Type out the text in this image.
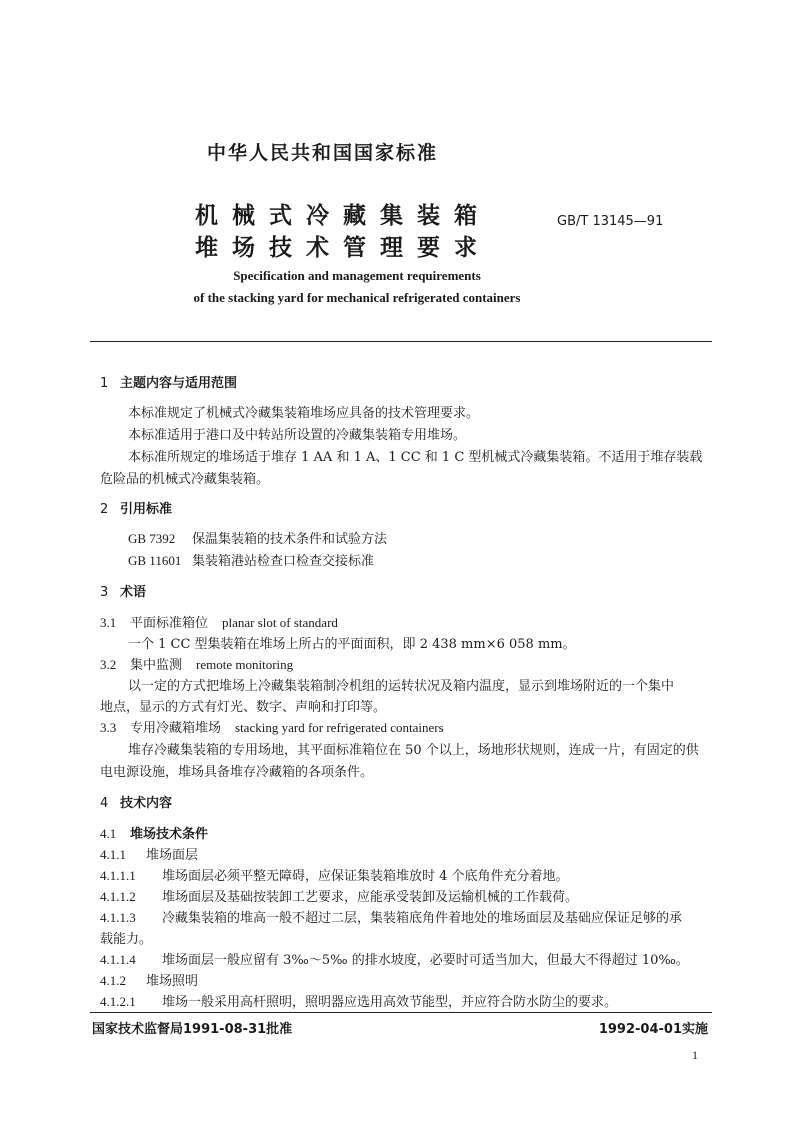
中华人民共和国国家标准
机械式冷藏集装箱
堆场技术管理要求
GB/T 13145—91
Specification and management requirements
of the stacking yard for mechanical refrigerated containers
1 主题内容与适用范围
本标准规定了机械式冷藏集装箱堆场应具备的技术管理要求。
本标准适用于港口及中转站所设置的冷藏集装箱专用堆场。
本标准所规定的堆场适于堆存 1 AA 和 1 A、1 CC 和 1 C 型机械式冷藏集装箱。不适用于堆存装载
危险品的机械式冷藏集装箱。
2 引用标准
GB 7392 保温集装箱的技术条件和试验方法
GB 11601 集装箱港站检查口检查交接标准
3 术语
3.1 平面标准箱位 planar slot of standard
一个 1 CC 型集装箱在堆场上所占的平面面积，即 2 438 mm×6 058 mm。
3.2 集中监测 remote monitoring
以一定的方式把堆场上冷藏集装箱制冷机组的运转状况及箱内温度，显示到堆场附近的一个集中
地点，显示的方式有灯光、数字、声响和打印等。
3.3 专用冷藏箱堆场 stacking yard for refrigerated containers
堆存冷藏集装箱的专用场地，其平面标准箱位在 50 个以上，场地形状规则，连成一片，有固定的供
电电源设施，堆场具备堆存冷藏箱的各项条件。
4 技术内容
4.1 堆场技术条件
4.1.1 堆场面层
4.1.1.1 堆场面层必须平整无障碍，应保证集装箱堆放时 4 个底角件充分着地。
4.1.1.2 堆场面层及基础按装卸工艺要求，应能承受装卸及运输机械的工作载荷。
4.1.1.3 冷藏集装箱的堆高一般不超过二层，集装箱底角件着地处的堆场面层及基础应保证足够的承
载能力。
4.1.1.4 堆场面层一般应留有 3‰～5‰ 的排水坡度，必要时可适当加大，但最大不得超过 10‰。
4.1.2 堆场照明
4.1.2.1 堆场一般采用高杆照明，照明器应选用高效节能型，并应符合防水防尘的要求。
国家技术监督局1991-08-31批准	1992-04-01实施
1
